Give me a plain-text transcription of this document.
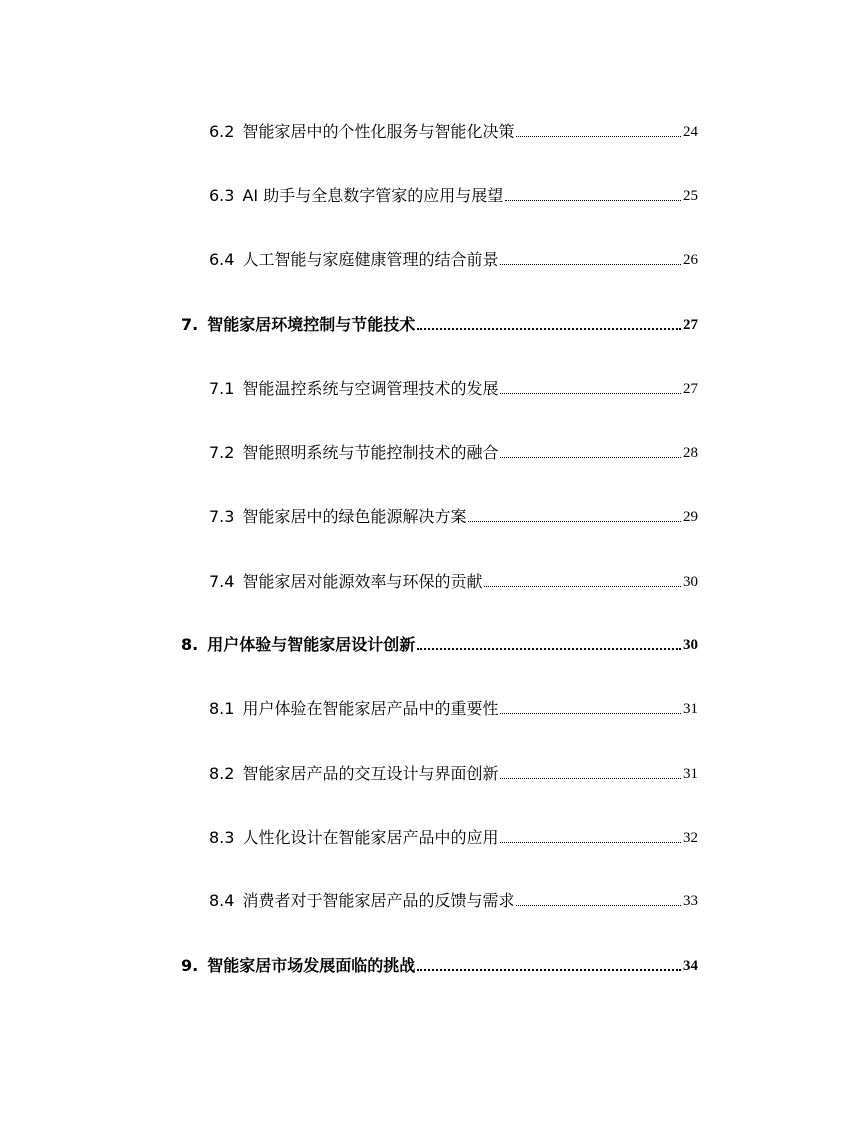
6.2 智能家居中的个性化服务与智能化决策	24
6.3 AI 助手与全息数字管家的应用与展望	25
6.4 人工智能与家庭健康管理的结合前景	26
7. 智能家居环境控制与节能技术	27
7.1 智能温控系统与空调管理技术的发展	27
7.2 智能照明系统与节能控制技术的融合	28
7.3 智能家居中的绿色能源解决方案	29
7.4 智能家居对能源效率与环保的贡献	30
8. 用户体验与智能家居设计创新	30
8.1 用户体验在智能家居产品中的重要性	31
8.2 智能家居产品的交互设计与界面创新	31
8.3 人性化设计在智能家居产品中的应用	32
8.4 消费者对于智能家居产品的反馈与需求	33
9. 智能家居市场发展面临的挑战	34
